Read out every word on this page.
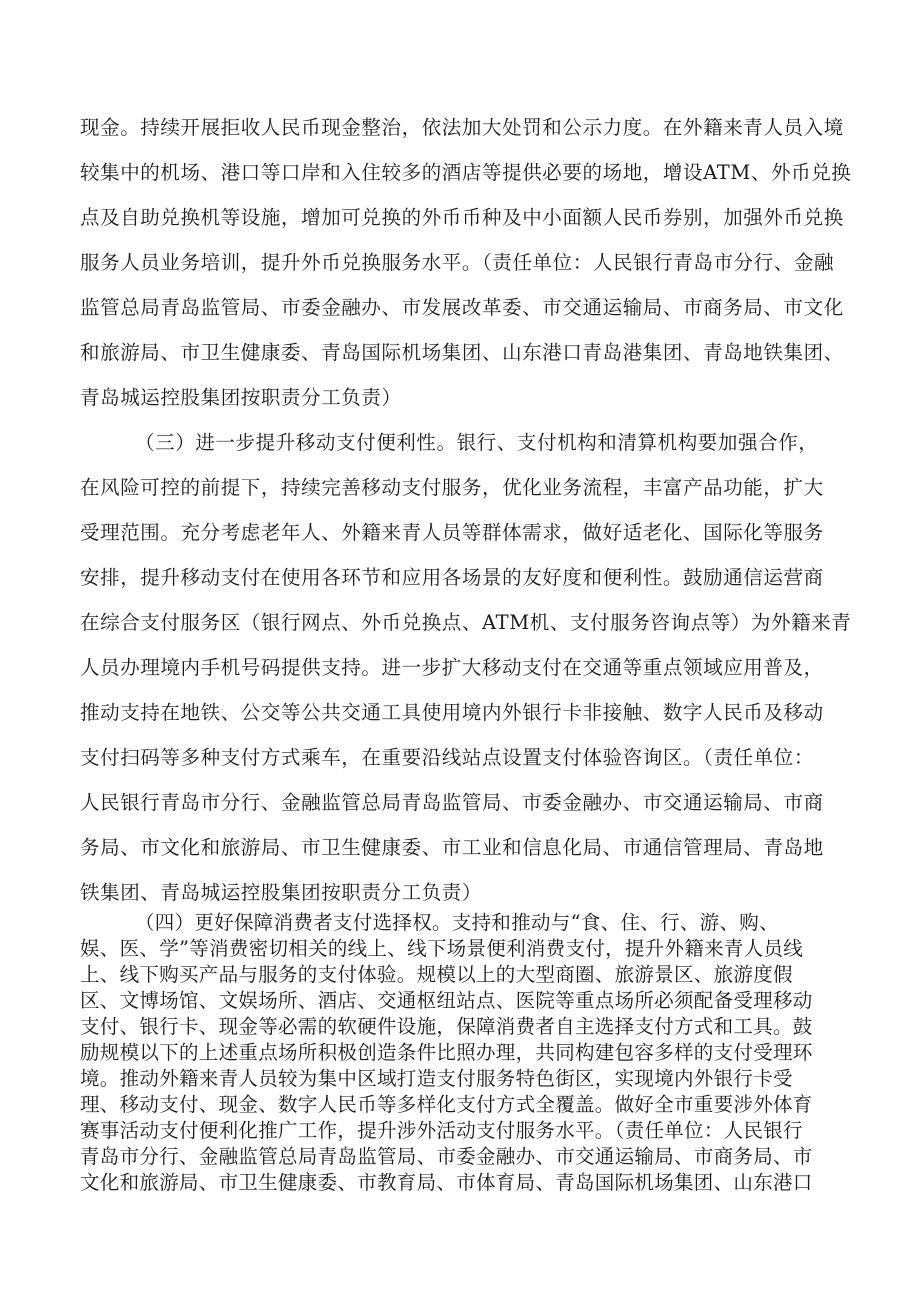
现金。持续开展拒收人民币现金整治，依法加大处罚和公示力度。在外籍来青人员入境
较集中的机场、港口等口岸和入住较多的酒店等提供必要的场地，增设ATM、外币兑换
点及自助兑换机等设施，增加可兑换的外币币种及中小面额人民币券别，加强外币兑换
服务人员业务培训，提升外币兑换服务水平。（责任单位：人民银行青岛市分行、金融
监管总局青岛监管局、市委金融办、市发展改革委、市交通运输局、市商务局、市文化
和旅游局、市卫生健康委、青岛国际机场集团、山东港口青岛港集团、青岛地铁集团、
青岛城运控股集团按职责分工负责）
（三）进一步提升移动支付便利性。银行、支付机构和清算机构要加强合作，
在风险可控的前提下，持续完善移动支付服务，优化业务流程，丰富产品功能，扩大
受理范围。充分考虑老年人、外籍来青人员等群体需求，做好适老化、国际化等服务
安排，提升移动支付在使用各环节和应用各场景的友好度和便利性。鼓励通信运营商
在综合支付服务区（银行网点、外币兑换点、ATM机、支付服务咨询点等）为外籍来青
人员办理境内手机号码提供支持。进一步扩大移动支付在交通等重点领域应用普及，
推动支持在地铁、公交等公共交通工具使用境内外银行卡非接触、数字人民币及移动
支付扫码等多种支付方式乘车，在重要沿线站点设置支付体验咨询区。（责任单位：
人民银行青岛市分行、金融监管总局青岛监管局、市委金融办、市交通运输局、市商
务局、市文化和旅游局、市卫生健康委、市工业和信息化局、市通信管理局、青岛地
铁集团、青岛城运控股集团按职责分工负责）
（四）更好保障消费者支付选择权。支持和推动与“食、住、行、游、购、
娱、医、学”等消费密切相关的线上、线下场景便利消费支付，提升外籍来青人员线
上、线下购买产品与服务的支付体验。规模以上的大型商圈、旅游景区、旅游度假
区、文博场馆、文娱场所、酒店、交通枢纽站点、医院等重点场所必须配备受理移动
支付、银行卡、现金等必需的软硬件设施，保障消费者自主选择支付方式和工具。鼓
励规模以下的上述重点场所积极创造条件比照办理，共同构建包容多样的支付受理环
境。推动外籍来青人员较为集中区域打造支付服务特色街区，实现境内外银行卡受
理、移动支付、现金、数字人民币等多样化支付方式全覆盖。做好全市重要涉外体育
赛事活动支付便利化推广工作，提升涉外活动支付服务水平。（责任单位：人民银行
青岛市分行、金融监管总局青岛监管局、市委金融办、市交通运输局、市商务局、市
文化和旅游局、市卫生健康委、市教育局、市体育局、青岛国际机场集团、山东港口
